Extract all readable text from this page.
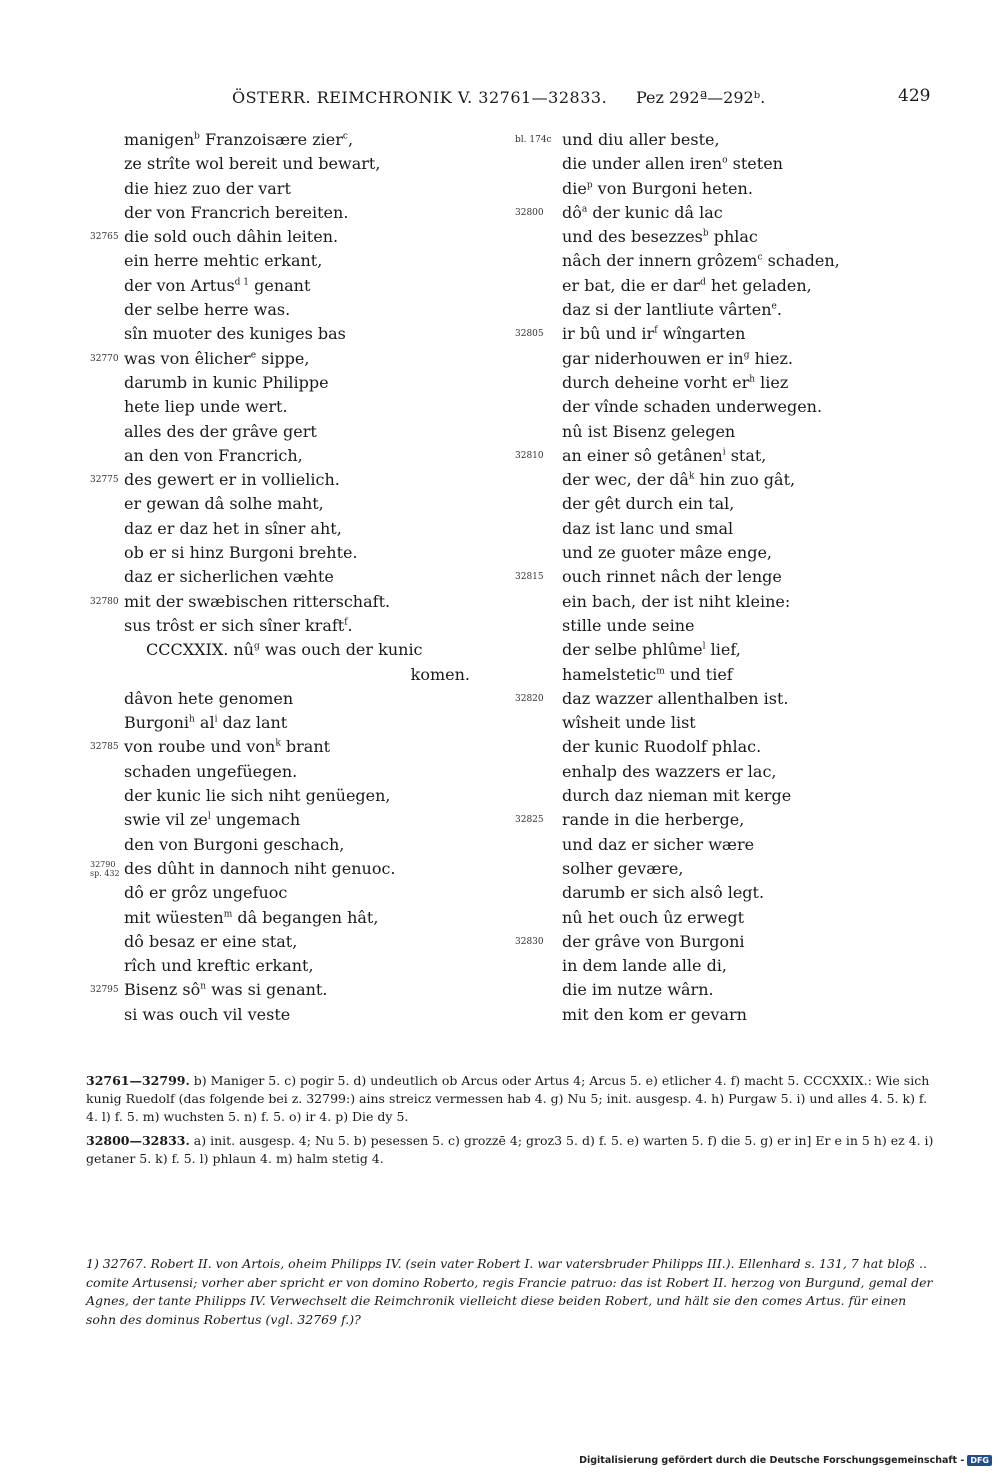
ÖSTERR. REIMCHRONIK V. 32761—32833. Pez 292ª—292ᵇ.	429
manigen$^b$ Franzoisære zier$^c$,
ze strîte wol bereit und bewart,
die hiez zuo der vart
der von Francrich bereiten.
32765 die sold ouch dâhin leiten.
ein herre mehtic erkant,
der von Artus$^{d 1}$ genant
der selbe herre was.
sîn muoter des kuniges bas
32770 was von êlicher$^e$ sippe,
darumb in kunic Philippe
hete liep unde wert.
alles des der grâve gert
an den von Francrich,
32775 des gewert er in vollielich.
er gewan dâ solhe maht,
daz er daz het in sîner aht,
ob er si hinz Burgoni brehte.
daz er sicherlichen væhte
32780 mit der swæbischen ritterschaft.
sus trôst er sich sîner kraft$^f$.
CCCXXIX. $nû^g$ was ouch der kunic
komen.
dâvon hete genomen
Burgoni$^h$ $al^i$ daz lant
32785 von roube und von$^k$ brant
schaden ungefüegen.
der kunic lie sich niht genüegen,
swie vil $ze^l$ ungemach
den von Burgoni geschach,
32790
sp. 432 des dûht in dannoch niht genuoc.
dô er grôz ungefuoc
mit wüesten$^m$ dâ begangen hât,
dô besaz er eine stat,
rîch und kreftic erkant,
32795 Bisenz $sô^n$ was si genant.
si was ouch vil veste
bl. 174c und diu aller beste,
die under allen iren$^o$ steten
die$^p$ von Burgoni heten.
32800 $dô^a$ der kunic dâ lac
und des besezzes$^b$ phlac
nâch der innern grôzem$^c$ schaden,
er bat, die er dar$^d$ het geladen,
daz si der lantliute vârten$^e$.
32805 ir bû und $ir^f$ wîngarten
gar niderhouwen er $in^g$ hiez.
durch deheine vorht $er^h$ liez
der vînde schaden underwegen.
nû ist Bisenz gelegen
32810 an einer sô getânen$^i$ stat,
der wec, der $dâ^k$ hin zuo gât,
der gêt durch ein tal,
daz ist lanc und smal
und ze guoter mâze enge,
32815 ouch rinnet nâch der lenge
ein bach, der ist niht kleine:
stille unde seine
der selbe phlûme$^l$ lief,
hamelstetic$^m$ und tief
32820 daz wazzer allenthalben ist.
wîsheit unde list
der kunic Ruodolf phlac.
enhalp des wazzers er lac,
durch daz nieman mit kerge
32825 rande in die herberge,
und daz er sicher wære
solher gevære,
darumb er sich alsô legt.
nû het ouch ûz erwegt
32830 der grâve von Burgoni
in dem lande alle di,
die im nutze wârn.
mit den kom er gevarn
32761—32799. b) Maniger 5. c) pogir 5. d) undeutlich ob Arcus oder Artus 4; Arcus 5. e) etlicher 4. f) macht 5. CCCXXIX.: Wie sich kunig Ruedolf (das folgende bei z. 32799:) ains streicz vermessen hab 4. g) Nu 5; init. ausgesp. 4. h) Purgaw 5. i) und alles 4. 5. k) f. 4. l) f. 5. m) wuchsten 5. n) f. 5. o) ir 4. p) Die dy 5.
32800—32833. a) init. ausgesp. 4; Nu 5. b) pesessen 5. c) grozzē 4; groz3 5. d) f. 5. e) warten 5. f) die 5. g) er in] Er e in 5 h) ez 4. i) getaner 5. k) f. 5. l) phlaun 4. m) halm stetig 4.
1) 32767. Robert II. von Artois, oheim Philipps IV. (sein vater Robert I. war vatersbruder Philipps III.). Ellenhard s. 131, 7 hat bloß .. comite Artusensi; vorher aber spricht er von domino Roberto, regis Francie patruo: das ist Robert II. herzog von Burgund, gemal der Agnes, der tante Philipps IV. Verwechselt die Reimchronik vielleicht diese beiden Robert, und hält sie den comes Artus. für einen sohn des dominus Robertus (vgl. 32769 f.)?
Digitalisierung gefördert durch die Deutsche Forschungsgemeinschaft - DFG
